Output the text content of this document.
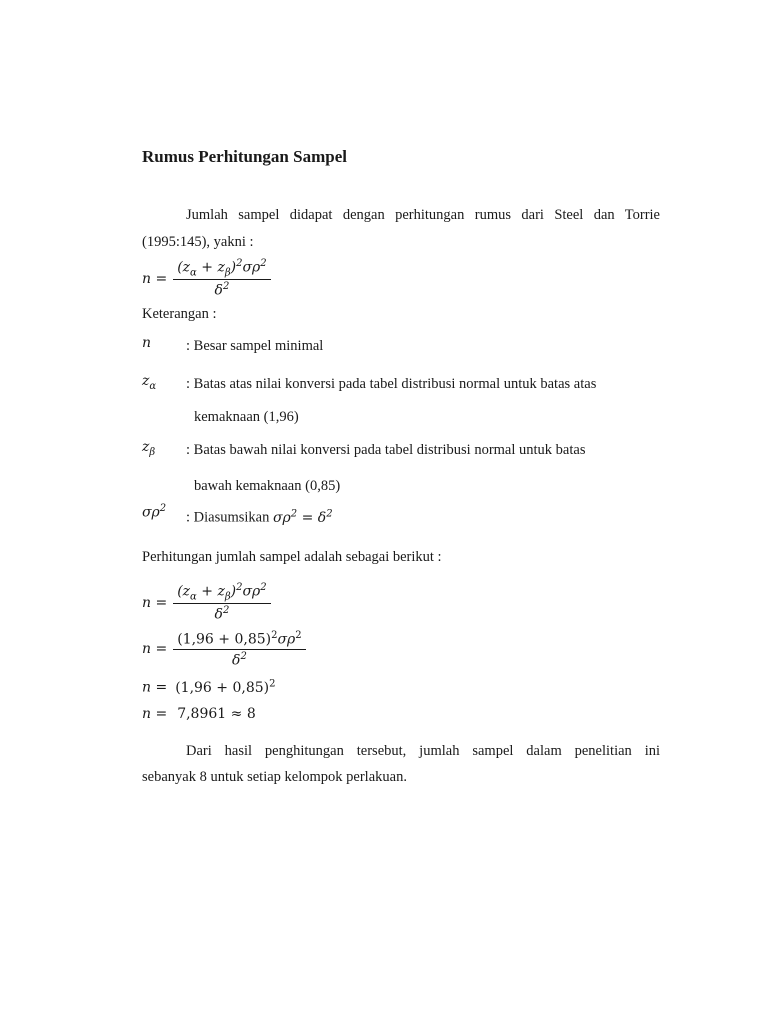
Rumus Perhitungan Sampel
Jumlah sampel didapat dengan perhitungan rumus dari Steel dan Torrie
(1995:145), yakni :
$n = \frac{(z_\alpha + z_\beta)^2\sigma\rho^2}{\delta^2}$
Keterangan :
n : Besar sampel minimal
$z_\alpha$ : Batas atas nilai konversi pada tabel distribusi normal untuk batas atas
kemaknaan (1,96)
$z_\beta$ : Batas bawah nilai konversi pada tabel distribusi normal untuk batas
bawah kemaknaan (0,85)
$\sigma\rho^2$
: Diasumsikan $\sigma\rho^2 = \delta^2$
Perhitungan jumlah sampel adalah sebagai berikut :
$n = \frac{(z_\alpha + z_\beta)^2\sigma\rho^2}{\delta^2}$
$n = \frac{(1,96 + 0,85)^2\sigma\rho^2}{\delta^2}$
$n = (1,96 + 0,85)^2$
n = 7,8961 ≈ 8
Dari hasil penghitungan tersebut, jumlah sampel dalam penelitian ini
sebanyak 8 untuk setiap kelompok perlakuan.
